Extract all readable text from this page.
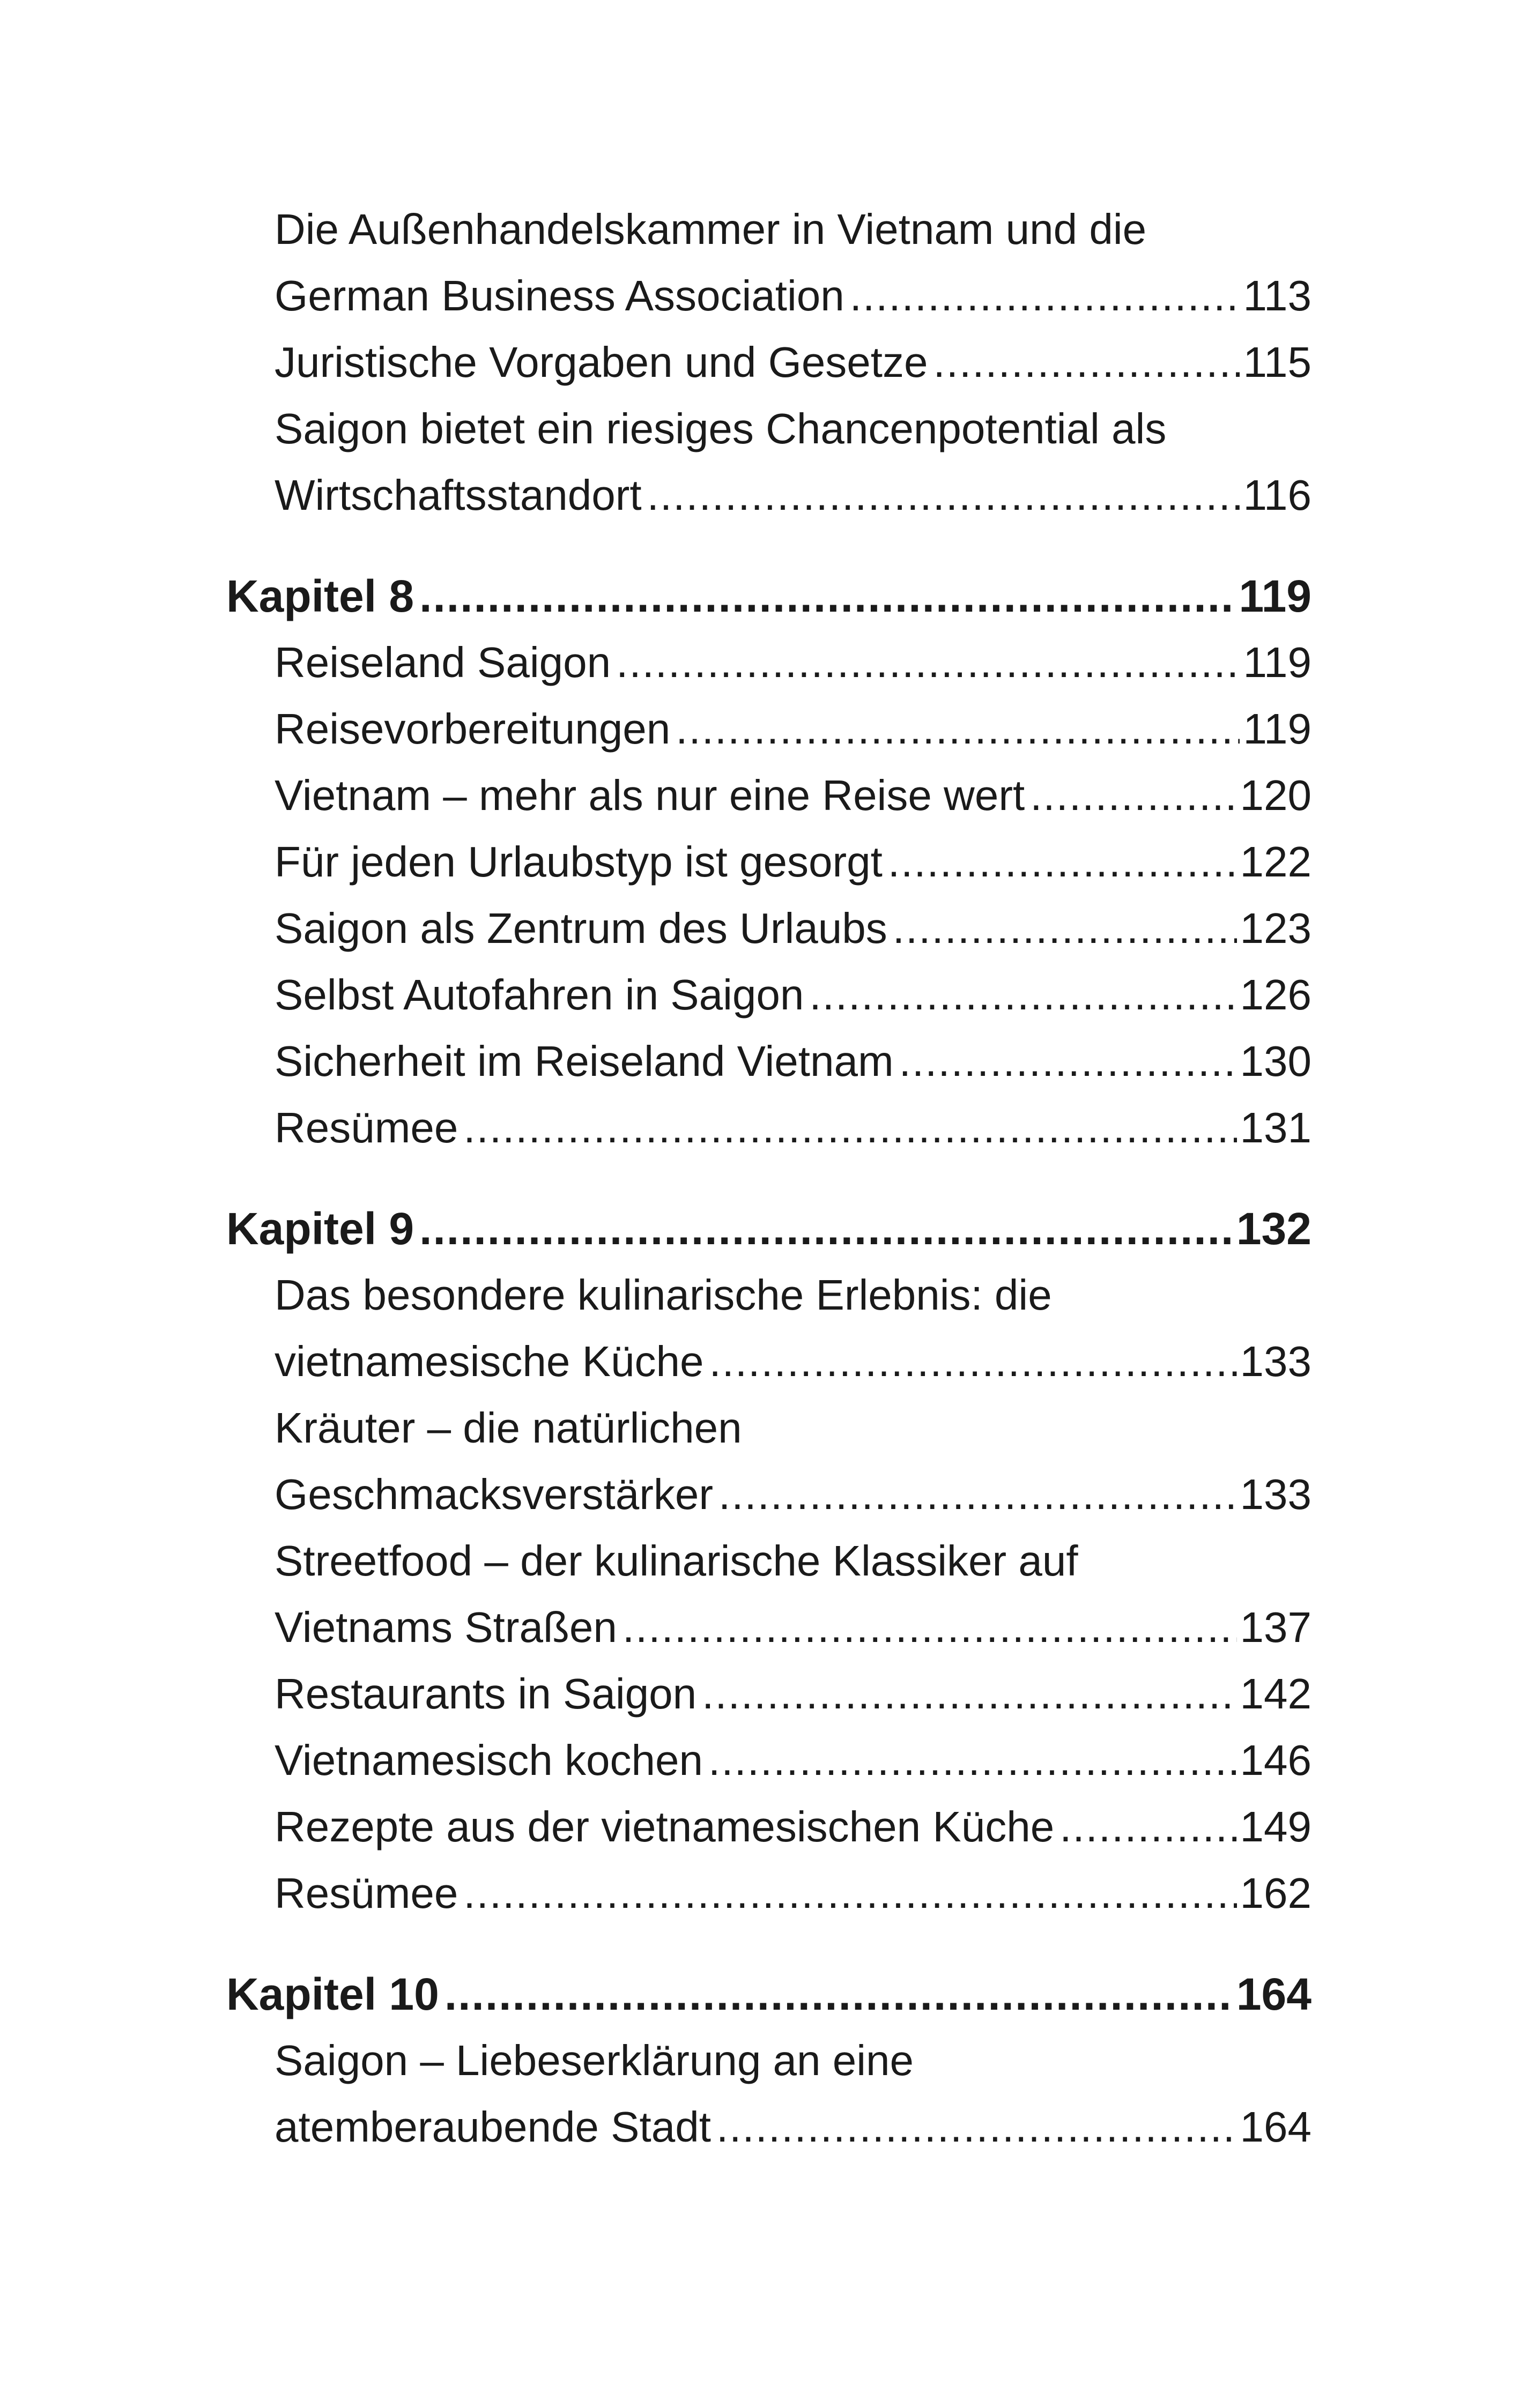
Die Außenhandelskammer in Vietnam und die
German Business Association .....	113
Juristische Vorgaben und Gesetze .....	115
Saigon bietet ein riesiges Chancenpotential als
Wirtschaftsstandort .....	116
Kapitel 8 .....	119
Reiseland Saigon .....	119
Reisevorbereitungen .....	119
Vietnam – mehr als nur eine Reise wert .....	120
Für jeden Urlaubstyp ist gesorgt .....	122
Saigon als Zentrum des Urlaubs .....	123
Selbst Autofahren in Saigon .....	126
Sicherheit im Reiseland Vietnam .....	130
Resümee .....	131
Kapitel 9 .....	132
Das besondere kulinarische Erlebnis: die
vietnamesische Küche .....	133
Kräuter – die natürlichen
Geschmacksverstärker .....	133
Streetfood – der kulinarische Klassiker auf
Vietnams Straßen .....	137
Restaurants in Saigon .....	142
Vietnamesisch kochen .....	146
Rezepte aus der vietnamesischen Küche .....	149
Resümee .....	162
Kapitel 10 .....	164
Saigon – Liebeserklärung an eine
atemberaubende Stadt .....	164
